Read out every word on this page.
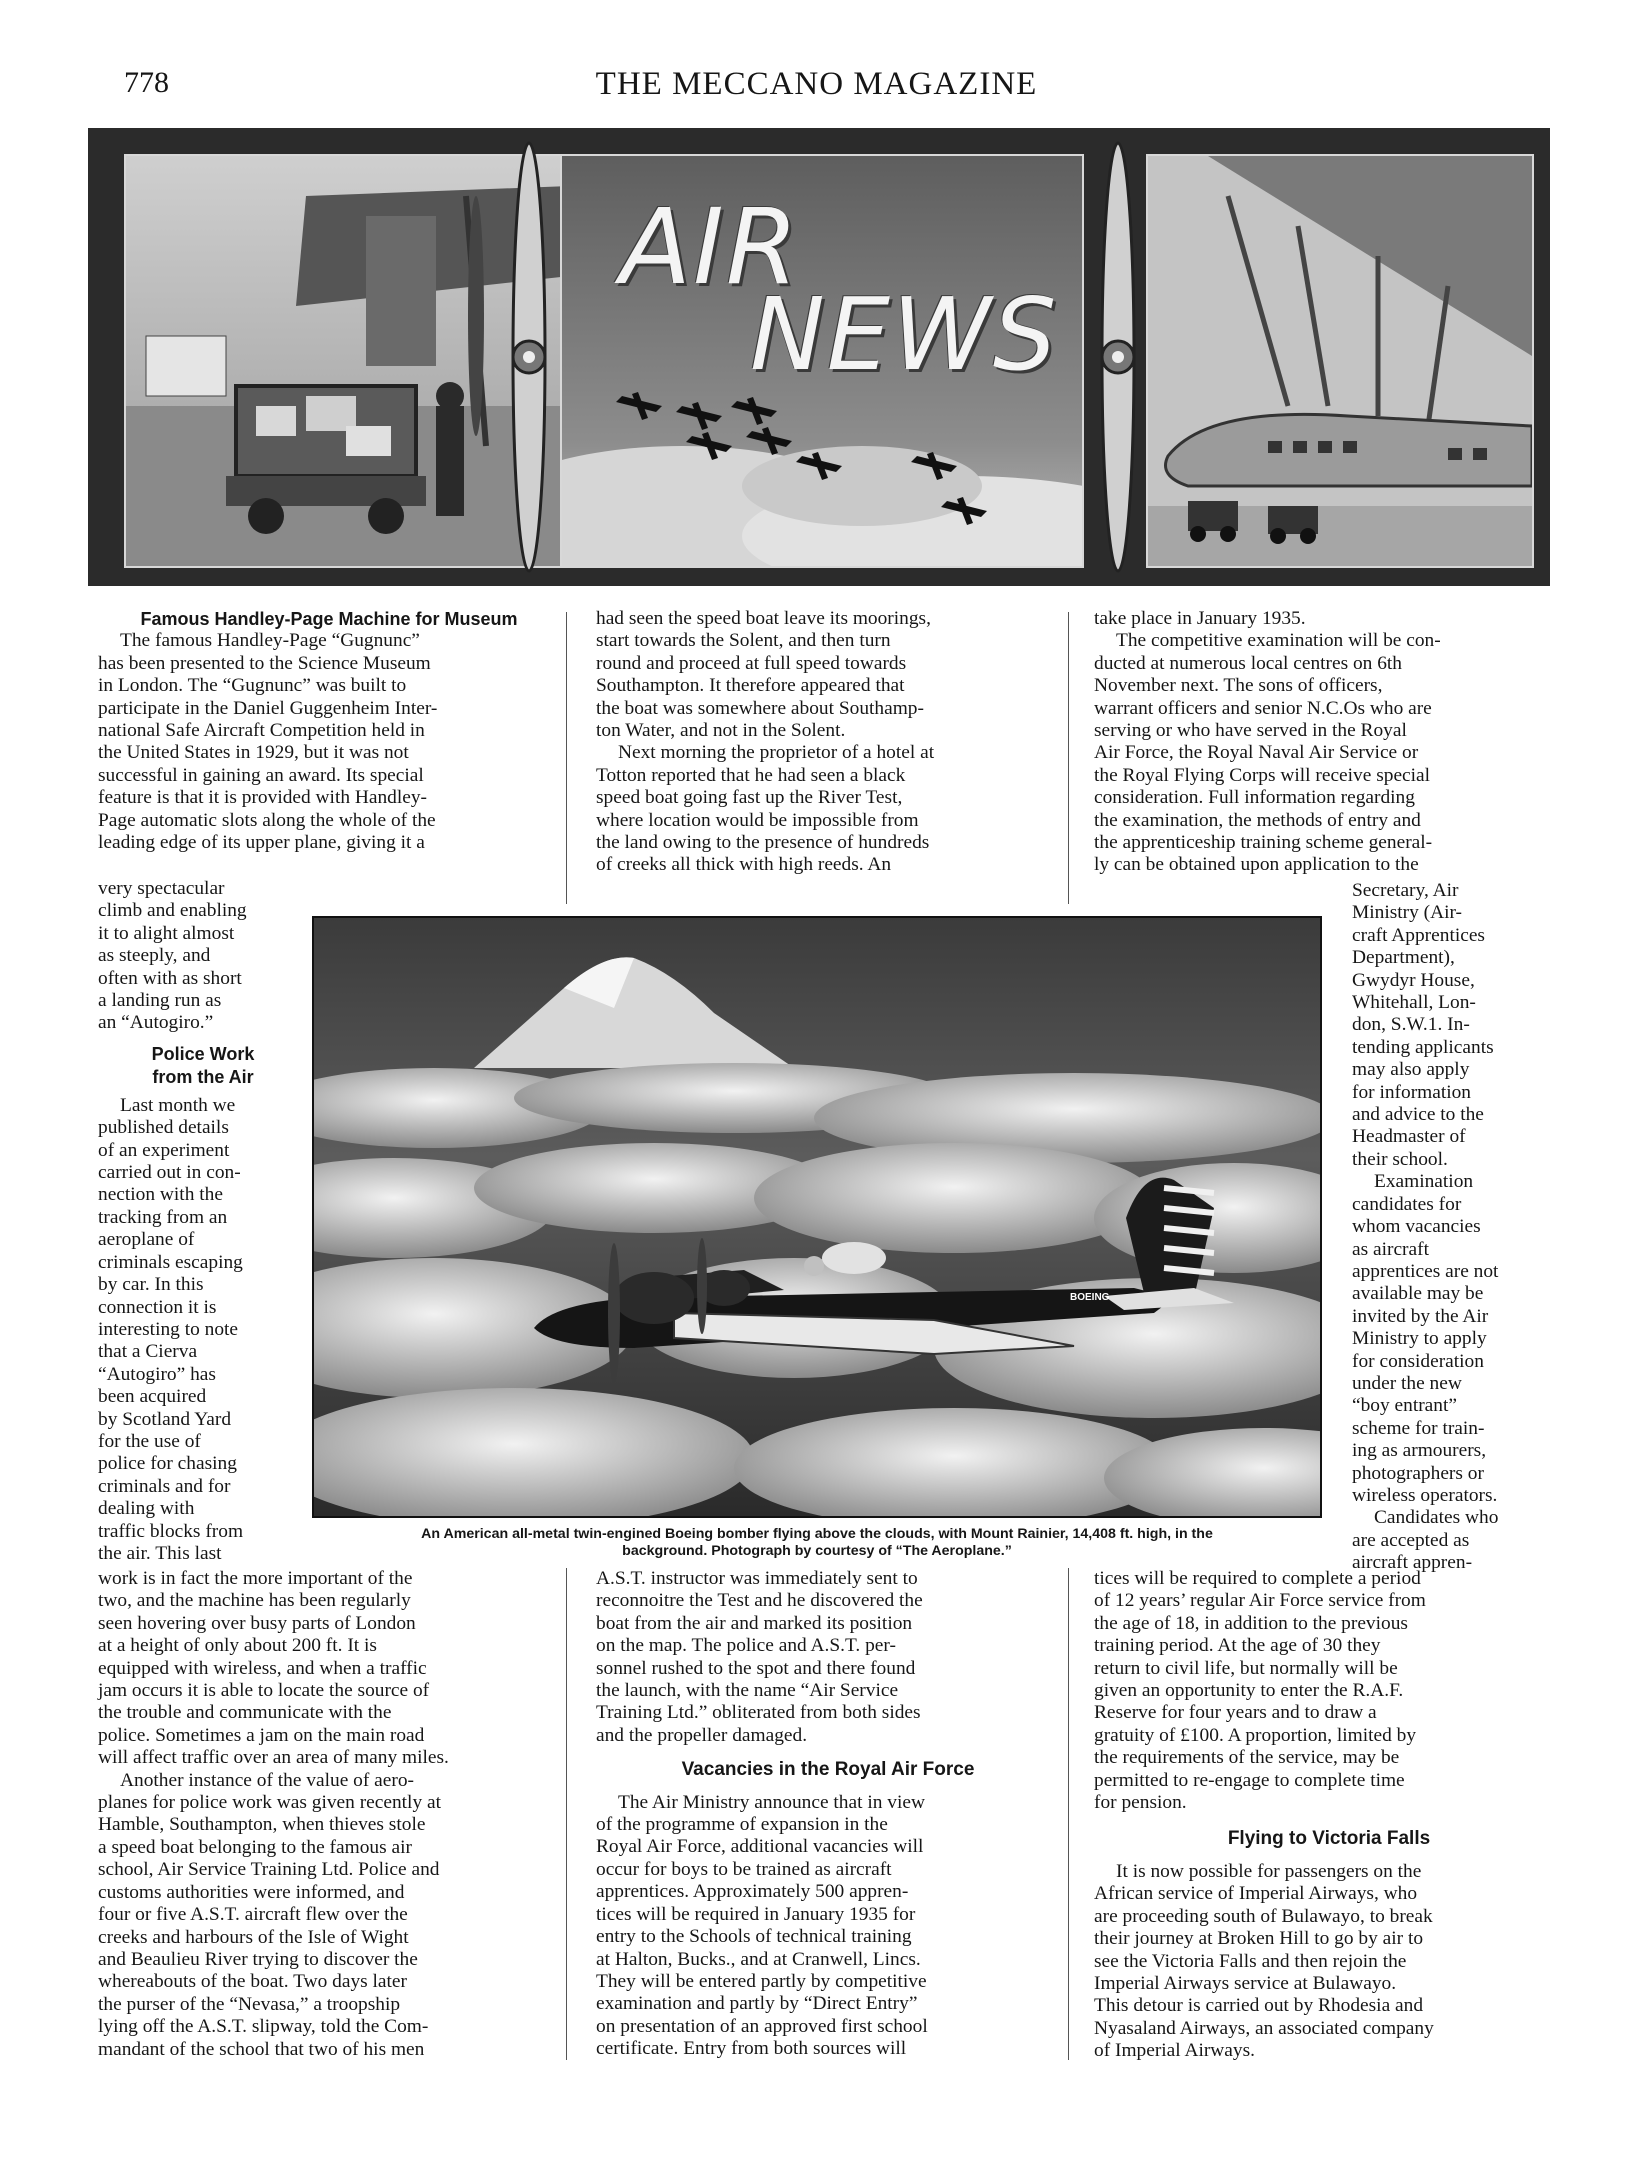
778	THE MECCANO MAGAZINE
AIR
NEWS

Famous Handley-Page Machine for Museum

The famous Handley-Page “Gugnunc”

has been presented to the Science Museum

in London. The “Gugnunc” was built to

participate in the Daniel Guggenheim Inter-

national Safe Aircraft Competition held in

the United States in 1929, but it was not

successful in gaining an award. Its special

feature is that it is provided with Handley-

Page automatic slots along the whole of the

leading edge of its upper plane, giving it a

very spectacular

climb and enabling

it to alight almost

as steeply, and

often with as short

a landing run as

an “Autogiro.”

Police Work

from the Air

Last month we

published details

of an experiment

carried out in con-

nection with the

tracking from an

aeroplane of

criminals escaping

by car. In this

connection it is

interesting to note

that a Cierva

“Autogiro” has

been acquired

by Scotland Yard

for the use of

police for chasing

criminals and for

dealing with

traffic blocks from

the air. This last

work is in fact the more important of the

two, and the machine has been regularly

seen hovering over busy parts of London

at a height of only about 200 ft. It is

equipped with wireless, and when a traffic

jam occurs it is able to locate the source of

the trouble and communicate with the

police. Sometimes a jam on the main road

will affect traffic over an area of many miles.

Another instance of the value of aero-

planes for police work was given recently at

Hamble, Southampton, when thieves stole

a speed boat belonging to the famous air

school, Air Service Training Ltd. Police and

customs authorities were informed, and

four or five A.S.T. aircraft flew over the

creeks and harbours of the Isle of Wight

and Beaulieu River trying to discover the

whereabouts of the boat. Two days later

the purser of the “Nevasa,” a troopship

lying off the A.S.T. slipway, told the Com-

mandant of the school that two of his men

had seen the speed boat leave its moorings,

start towards the Solent, and then turn

round and proceed at full speed towards

Southampton. It therefore appeared that

the boat was somewhere about Southamp-

ton Water, and not in the Solent.

Next morning the proprietor of a hotel at

Totton reported that he had seen a black

speed boat going fast up the River Test,

where location would be impossible from

the land owing to the presence of hundreds

of creeks all thick with high reeds. An

A.S.T. instructor was immediately sent to

reconnoitre the Test and he discovered the

boat from the air and marked its position

on the map. The police and A.S.T. per-

sonnel rushed to the spot and there found

the launch, with the name “Air Service

Training Ltd.” obliterated from both sides

and the propeller damaged.

Vacancies in the Royal Air Force

The Air Ministry announce that in view

of the programme of expansion in the

Royal Air Force, additional vacancies will

occur for boys to be trained as aircraft

apprentices. Approximately 500 appren-

tices will be required in January 1935 for

entry to the Schools of technical training

at Halton, Bucks., and at Cranwell, Lincs.

They will be entered partly by competitive

examination and partly by “Direct Entry”

on presentation of an approved first school

certificate. Entry from both sources will

take place in January 1935.

The competitive examination will be con-

ducted at numerous local centres on 6th

November next. The sons of officers,

warrant officers and senior N.C.Os who are

serving or who have served in the Royal

Air Force, the Royal Naval Air Service or

the Royal Flying Corps will receive special

consideration. Full information regarding

the examination, the methods of entry and

the apprenticeship training scheme general-

ly can be obtained upon application to the

Secretary, Air

Ministry (Air-

craft Apprentices

Department),

Gwydyr House,

Whitehall, Lon-

don, S.W.1. In-

tending applicants

may also apply

for information

and advice to the

Headmaster of

their school.

Examination

candidates for

whom vacancies

as aircraft

apprentices are not

available may be

invited by the Air

Ministry to apply

for consideration

under the new

“boy entrant”

scheme for train-

ing as armourers,

photographers or

wireless operators.

Candidates who

are accepted as

aircraft appren-

tices will be required to complete a period

of 12 years’ regular Air Force service from

the age of 18, in addition to the previous

training period. At the age of 30 they

return to civil life, but normally will be

given an opportunity to enter the R.A.F.

Reserve for four years and to draw a

gratuity of £100. A proportion, limited by

the requirements of the service, may be

permitted to re-engage to complete time

for pension.

Flying to Victoria Falls

It is now possible for passengers on the

African service of Imperial Airways, who

are proceeding south of Bulawayo, to break

their journey at Broken Hill to go by air to

see the Victoria Falls and then rejoin the

Imperial Airways service at Bulawayo.

This detour is carried out by Rhodesia and

Nyasaland Airways, an associated company

of Imperial Airways.

BOEING
An American all-metal twin-engined Boeing bomber flying above the clouds, with Mount Rainier, 14,408 ft. high, in the
background. Photograph by courtesy of “The Aeroplane.”
